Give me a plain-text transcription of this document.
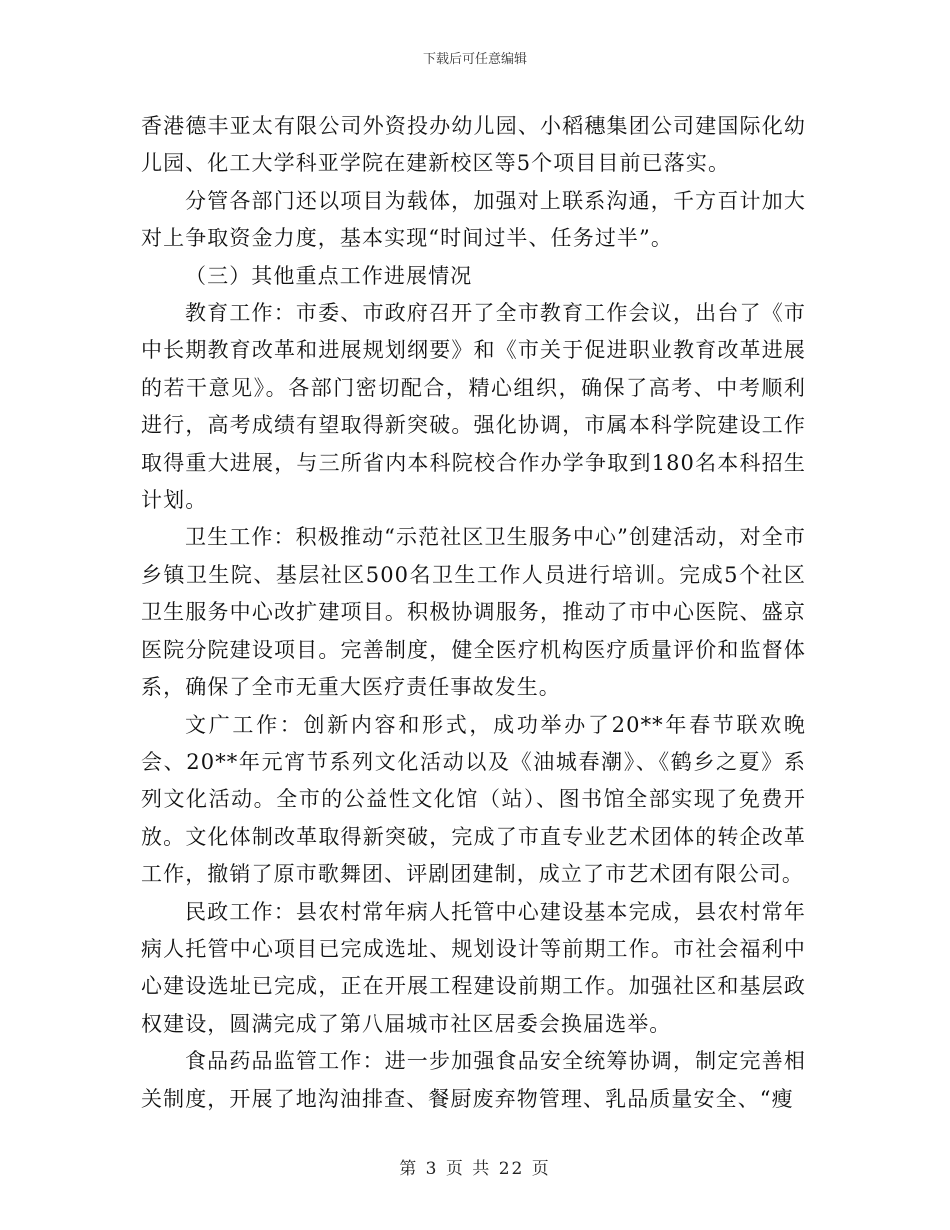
下载后可任意编辑

香港德丰亚太有限公司外资投办幼儿园、小稻穗集团公司建国际化幼儿园、化工大学科亚学院在建新校区等5个项目目前已落实。

分管各部门还以项目为载体，加强对上联系沟通，千方百计加大对上争取资金力度，基本实现“时间过半、任务过半”。

（三）其他重点工作进展情况

教育工作：市委、市政府召开了全市教育工作会议，出台了《市中长期教育改革和进展规划纲要》和《市关于促进职业教育改革进展的若干意见》。各部门密切配合，精心组织，确保了高考、中考顺利进行，高考成绩有望取得新突破。强化协调，市属本科学院建设工作取得重大进展，与三所省内本科院校合作办学争取到180名本科招生计划。

卫生工作：积极推动“示范社区卫生服务中心”创建活动，对全市乡镇卫生院、基层社区500名卫生工作人员进行培训。完成5个社区卫生服务中心改扩建项目。积极协调服务，推动了市中心医院、盛京医院分院建设项目。完善制度，健全医疗机构医疗质量评价和监督体系，确保了全市无重大医疗责任事故发生。

文广工作：创新内容和形式，成功举办了20**年春节联欢晚会、20**年元宵节系列文化活动以及《油城春潮》、《鹤乡之夏》系列文化活动。全市的公益性文化馆（站）、图书馆全部实现了免费开放。文化体制改革取得新突破，完成了市直专业艺术团体的转企改革工作，撤销了原市歌舞团、评剧团建制，成立了市艺术团有限公司。

民政工作：县农村常年病人托管中心建设基本完成，县农村常年病人托管中心项目已完成选址、规划设计等前期工作。市社会福利中心建设选址已完成，正在开展工程建设前期工作。加强社区和基层政权建设，圆满完成了第八届城市社区居委会换届选举。

食品药品监管工作：进一步加强食品安全统筹协调，制定完善相关制度，开展了地沟油排查、餐厨废弃物管理、乳品质量安全、“瘦

第 3 页 共 22 页
